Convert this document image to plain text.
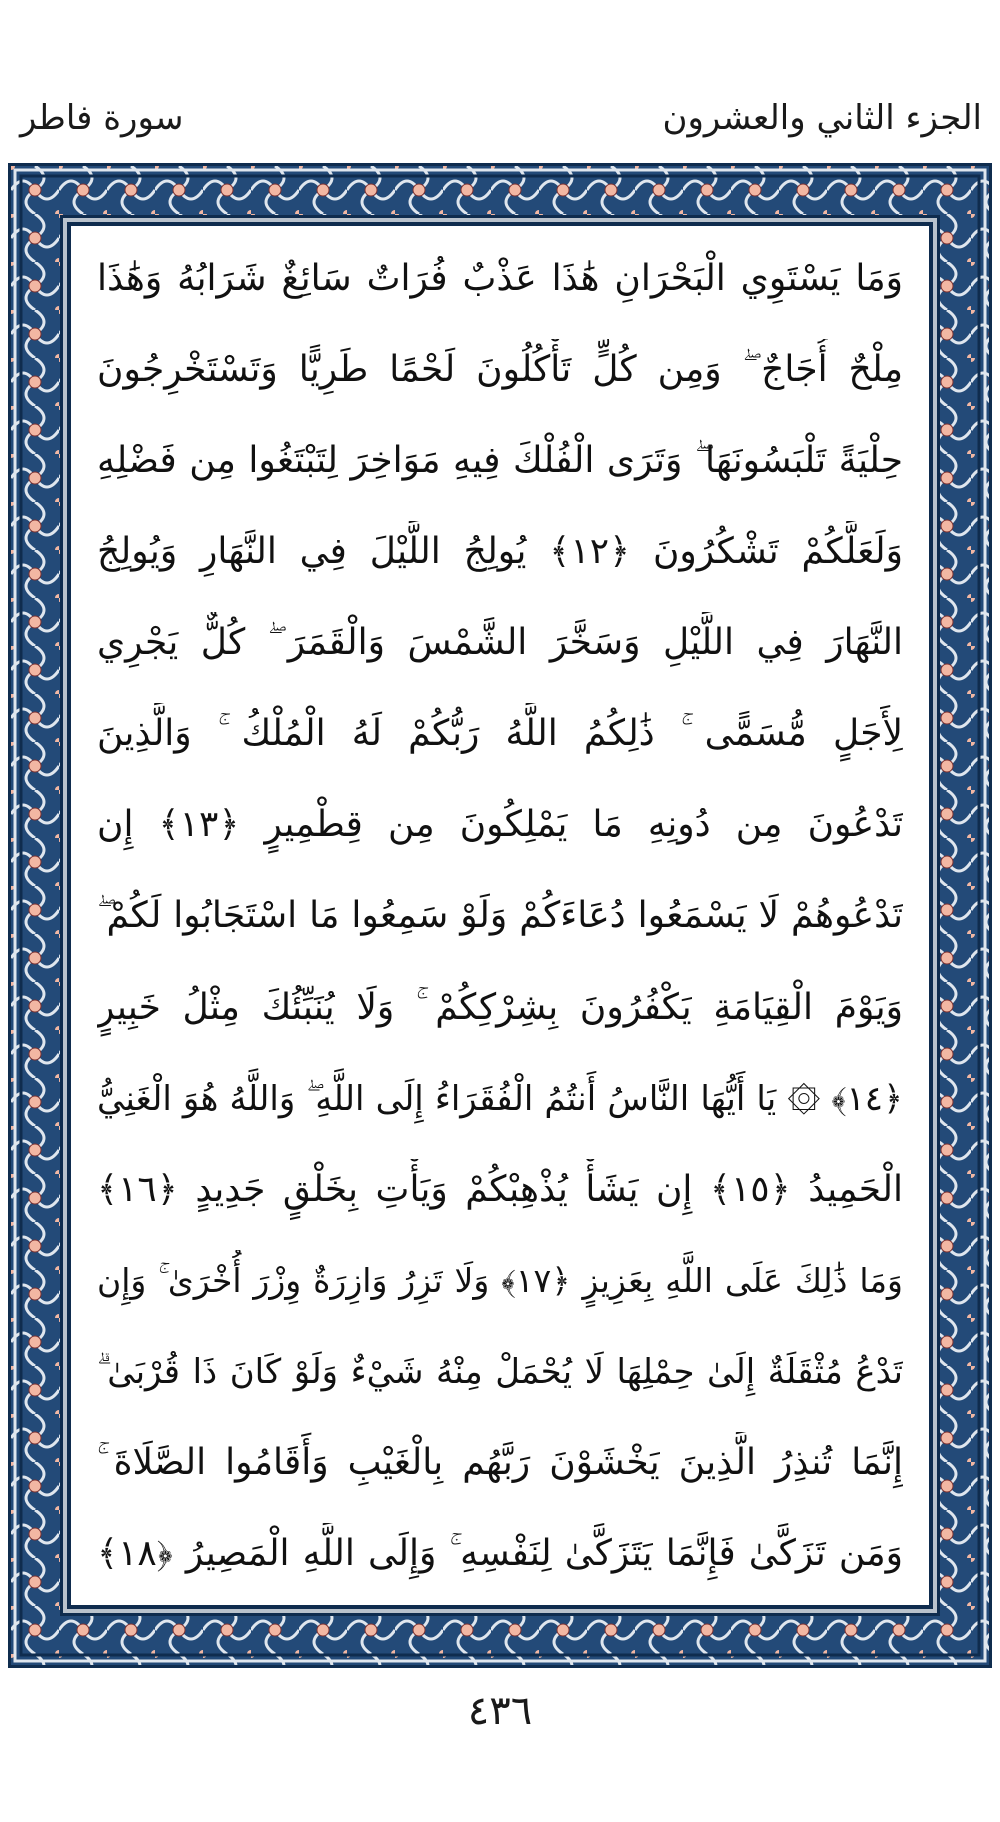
الجزء الثاني والعشرون
سورة فاطر
وَمَا يَسْتَوِي الْبَحْرَانِ هَٰذَا عَذْبٌ فُرَاتٌ سَائِغٌ شَرَابُهُ وَهَٰذَا
مِلْحٌ أُجَاجٌ ۖ وَمِن كُلٍّ تَأْكُلُونَ لَحْمًا طَرِيًّا وَتَسْتَخْرِجُونَ
حِلْيَةً تَلْبَسُونَهَا ۖ وَتَرَى الْفُلْكَ فِيهِ مَوَاخِرَ لِتَبْتَغُوا مِن فَضْلِهِ
وَلَعَلَّكُمْ تَشْكُرُونَ ﴿١٢﴾ يُولِجُ اللَّيْلَ فِي النَّهَارِ وَيُولِجُ
النَّهَارَ فِي اللَّيْلِ وَسَخَّرَ الشَّمْسَ وَالْقَمَرَ ۖ كُلٌّ يَجْرِي
لِأَجَلٍ مُّسَمًّى ۚ ذَٰلِكُمُ اللَّهُ رَبُّكُمْ لَهُ الْمُلْكُ ۚ وَالَّذِينَ
تَدْعُونَ مِن دُونِهِ مَا يَمْلِكُونَ مِن قِطْمِيرٍ ﴿١٣﴾ إِن
تَدْعُوهُمْ لَا يَسْمَعُوا دُعَاءَكُمْ وَلَوْ سَمِعُوا مَا اسْتَجَابُوا لَكُمْ ۖ
وَيَوْمَ الْقِيَامَةِ يَكْفُرُونَ بِشِرْكِكُمْ ۚ وَلَا يُنَبِّئُكَ مِثْلُ خَبِيرٍ
﴿١٤﴾ ۞ يَا أَيُّهَا النَّاسُ أَنتُمُ الْفُقَرَاءُ إِلَى اللَّهِ ۖ وَاللَّهُ هُوَ الْغَنِيُّ
الْحَمِيدُ ﴿١٥﴾ إِن يَشَأْ يُذْهِبْكُمْ وَيَأْتِ بِخَلْقٍ جَدِيدٍ ﴿١٦﴾
وَمَا ذَٰلِكَ عَلَى اللَّهِ بِعَزِيزٍ ﴿١٧﴾ وَلَا تَزِرُ وَازِرَةٌ وِزْرَ أُخْرَىٰ ۚ وَإِن
تَدْعُ مُثْقَلَةٌ إِلَىٰ حِمْلِهَا لَا يُحْمَلْ مِنْهُ شَيْءٌ وَلَوْ كَانَ ذَا قُرْبَىٰ ۗ
إِنَّمَا تُنذِرُ الَّذِينَ يَخْشَوْنَ رَبَّهُم بِالْغَيْبِ وَأَقَامُوا الصَّلَاةَ ۚ
وَمَن تَزَكَّىٰ فَإِنَّمَا يَتَزَكَّىٰ لِنَفْسِهِ ۚ وَإِلَى اللَّهِ الْمَصِيرُ ﴿١٨﴾
٤٣٦
